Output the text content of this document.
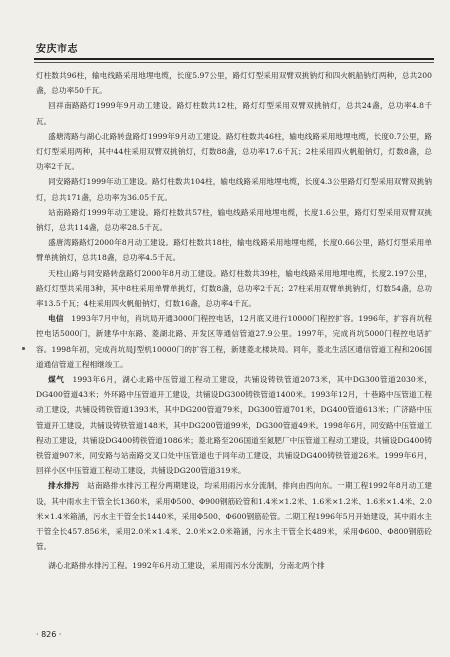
安庆市志

灯柱数共96柱，输电线路采用地埋电缆，长度5.97公里，路灯灯型采用双臂双挑钠灯和四火帆船钠灯两种，总共200盏，总功率50千瓦。

回祥南路路灯1999年9月动工建设。路灯柱数共12柱，路灯灯型采用双臂双挑钠灯，总共24盏，总功率4.8千瓦。

盛塘湾路与湖心北路转盘路灯1999年9月动工建设。路灯柱数共46柱，输电线路采用地埋电缆，长度0.7公里，路灯灯型采用两种，其中44柱采用双臂双挑钠灯，灯数88盏，总功率17.6千瓦；2柱采用四火帆船钠灯，灯数8盏，总功率2千瓦。

同安路路灯1999年动工建设。路灯柱数共104柱，输电线路采用地埋电缆，长度4.3公里路灯灯型采用双臂双挑钠灯，总共171盏，总功率为36.05千瓦。

站南路路灯1999年动工建设。路灯柱数共57柱，输电线路采用地埋电缆，长度1.6公里，路灯灯型采用双臂双挑钠灯，总共114盏，总功率28.5千瓦。

盛唐湾路路灯2000年8月动工建设。路灯柱数共18柱，输电线路采用地埋电缆，长度0.66公里，路灯灯型采用单臂单挑钠灯，总共18盏，总功率4.5千瓦。

天柱山路与同安路转盘路灯2000年8月动工建设。路灯柱数共39柱，输电线路采用地埋电缆，长度2.197公里，路灯灯型共采用3种，其中8柱采用单臂单挑灯，灯数8盏，总功率2千瓦；27柱采用双臂单挑钠灯，灯数54盏，总功率13.5千瓦；4柱采用四火帆船钠灯，灯数16盏，总功率4千瓦。

电信　 1993年7月中旬，肖坑局开通3000门程控电话，12月底又进行10000门程控扩容。1996年，扩容肖坑程控电话5000门，新建华中东路、菱湖北路、开发区等通信管道27.9公里。1997年，完成肖坑5000门程控电话扩容。1998年初，完成肖坑局J型机10000门的扩容工程，新建菱北楼块局。同年，菱北生活区通信管道工程和206国道通信管道工程相继竣工。

煤气　 1993年6月，湖心北路中压管道工程动工建设，共铺设铸铁管道2073米，其中DG300管道2030米，DG400管道43米；外环路中压管道开工建设，共铺设DG300铸铁管道1400米。1993年12月，十巷路中压管道工程动工建设，共铺设铸铁管道1393米，其中DG200管道79米，DG300管道701米，DG400管道613米；广济路中压管道开工建设，共铺设铸铁管道148米，其中DG200管道99米，DG300管道49米。1998年6月，同安路中压管道工程动工建设，共铺设DG400铸铁管道1086米；菱北路至206国道至氮肥厂中压管道工程动工建设，共铺设DG400铸铁管道907米，同安路与站南路交叉口处中压管道也于同年动工建设，共铺设DG400铸铁管道26米。1999年6月，回祥小区中压管道工程动工建设，共铺设DG200管道319米。

排水排污　 站南路排水排污工程分两期建设，均采用雨污水分流制，排向由西向东。一期工程1992年8月动工建设，其中雨水主干管全长1360米，采用Φ500、Φ900钢筋砼管和1.4米×1.2米、1.6米×1.2米、1.6米×1.4米、2.0米×1.4米箱涵，污水主干管全长1440米，采用Φ500、Φ600钢筋砼管。二期工程1996年5月开始建设，其中雨水主干管全长457.856米，采用2.0米×1.4米、2.0米×2.0米箱涵，污水主干管全长489米，采用Φ600、Φ800钢筋砼管。

湖心北路排水排污工程。1992年6月动工建设，采用雨污水分流制，分南北两个排

· 826 ·
